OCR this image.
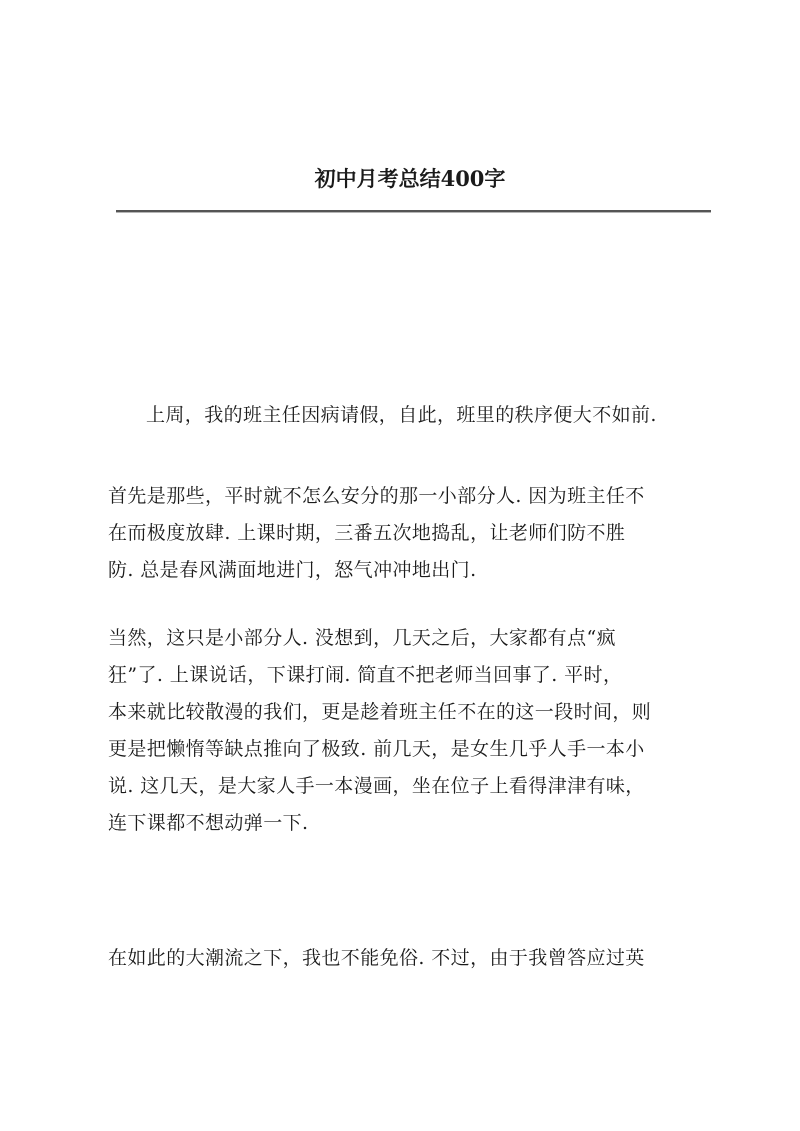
初中月考总结400字
上周，我的班主任因病请假，自此，班里的秩序便大不如前.
首先是那些，平时就不怎么安分的那一小部分人. 因为班主任不
在而极度放肆. 上课时期，三番五次地捣乱，让老师们防不胜
防. 总是春风满面地进门，怒气冲冲地出门.
当然，这只是小部分人. 没想到，几天之后，大家都有点“疯
狂”了. 上课说话，下课打闹. 简直不把老师当回事了. 平时，
本来就比较散漫的我们，更是趁着班主任不在的这一段时间，则
更是把懒惰等缺点推向了极致. 前几天，是女生几乎人手一本小
说. 这几天，是大家人手一本漫画，坐在位子上看得津津有味，
连下课都不想动弹一下.
在如此的大潮流之下，我也不能免俗. 不过，由于我曾答应过英
